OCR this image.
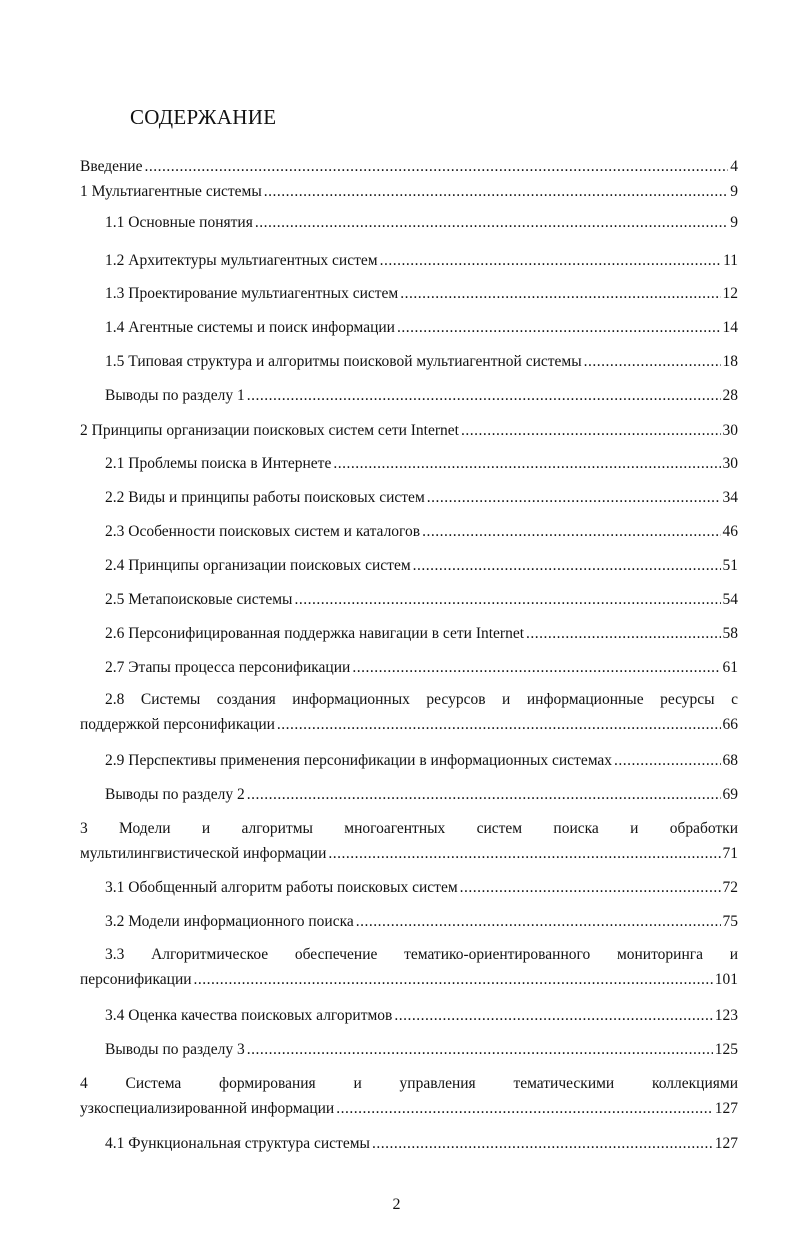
СОДЕРЖАНИЕ
Введение .....	4
1 Мультиагентные системы .....	9
1.1 Основные понятия .....	9
1.2 Архитектуры мультиагентных систем .....	11
1.3 Проектирование мультиагентных систем .....	12
1.4 Агентные системы и поиск информации .....	14
1.5 Типовая структура и алгоритмы поисковой мультиагентной системы .....	18
Выводы по разделу 1 .....	28
2 Принципы организации поисковых систем сети Internet .....	30
2.1 Проблемы поиска в Интернете .....	30
2.2 Виды и принципы работы поисковых систем .....	34
2.3 Особенности поисковых систем и каталогов .....	46
2.4 Принципы организации поисковых систем .....	51
2.5 Метапоисковые системы .....	54
2.6 Персонифицированная поддержка навигации в сети Internet .....	58
2.7 Этапы процесса персонификации .....	61
2.8 Системы создания информационных ресурсов и информационные ресурсы с
поддержкой персонификации .....	66
2.9 Перспективы применения персонификации в информационных системах .....	68
Выводы по разделу 2 .....	69
3 Модели и алгоритмы многоагентных систем поиска и обработки
мультилингвистической информации .....	71
3.1 Обобщенный алгоритм работы поисковых систем .....	72
3.2 Модели информационного поиска .....	75
3.3 Алгоритмическое обеспечение тематико-ориентированного мониторинга и
персонификации .....	101
3.4 Оценка качества поисковых алгоритмов .....	123
Выводы по разделу 3 .....	125
4 Система формирования и управления тематическими коллекциями
узкоспециализированной информации .....	127
4.1 Функциональная структура системы .....	127
2
